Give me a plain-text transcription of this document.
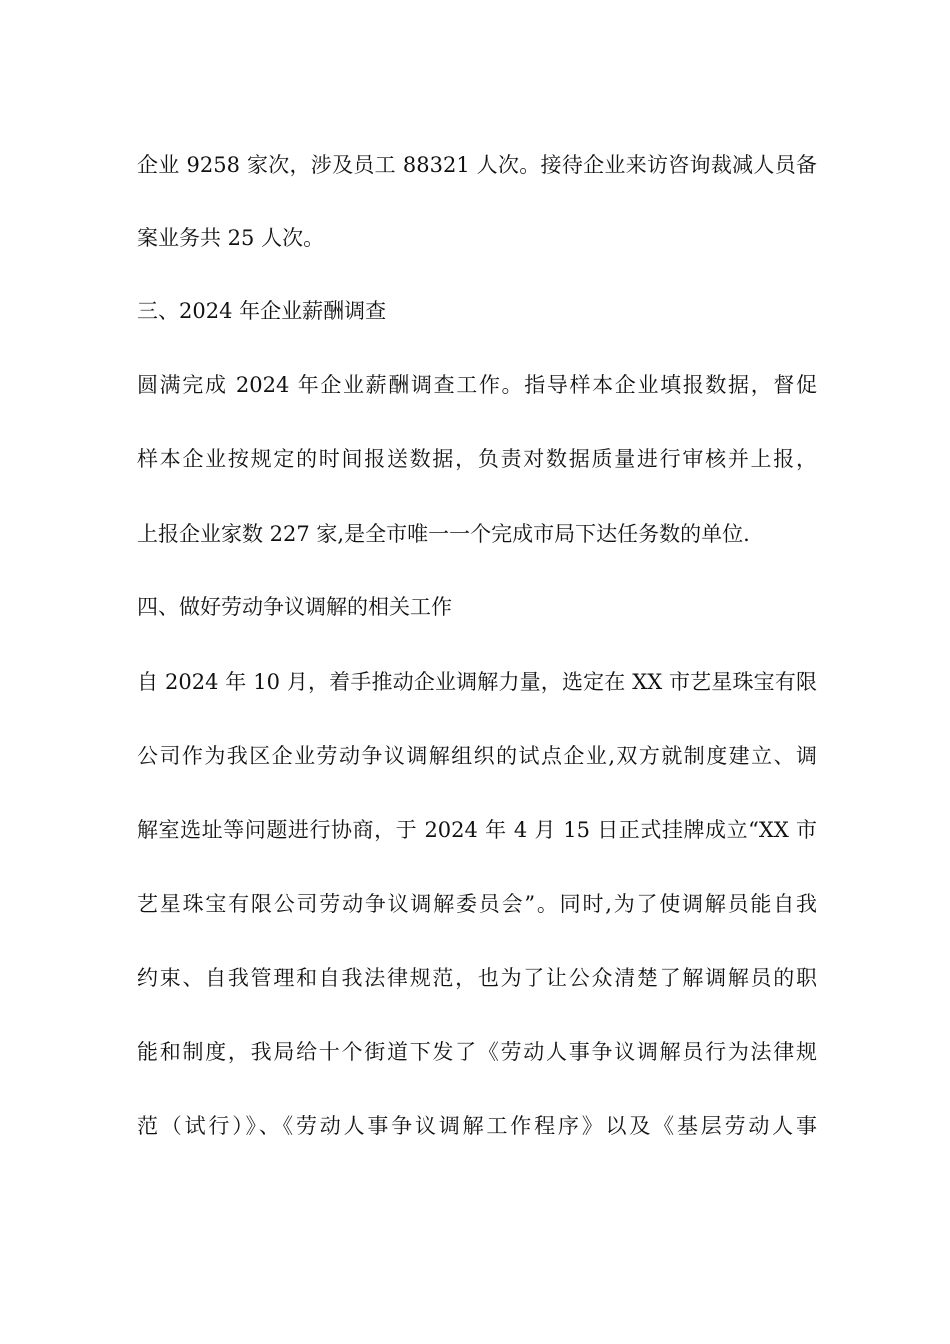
企业 9258 家次，涉及员工 88321 人次。接待企业来访咨询裁减人员备
案业务共 25 人次。
三、2024 年企业薪酬调查
圆满完成 2024 年企业薪酬调查工作。指导样本企业填报数据，督促
样本企业按规定的时间报送数据，负责对数据质量进行审核并上报，
上报企业家数 227 家,是全市唯一一个完成市局下达任务数的单位.
四、做好劳动争议调解的相关工作
自 2024 年 10 月，着手推动企业调解力量，选定在 XX 市艺星珠宝有限
公司作为我区企业劳动争议调解组织的试点企业,双方就制度建立、调
解室选址等问题进行协商，于 2024 年 4 月 15 日正式挂牌成立“XX 市
艺星珠宝有限公司劳动争议调解委员会”。同时,为了使调解员能自我
约束、自我管理和自我法律规范，也为了让公众清楚了解调解员的职
能和制度，我局给十个街道下发了《劳动人事争议调解员行为法律规
范（试行）》、《劳动人事争议调解工作程序》以及《基层劳动人事
